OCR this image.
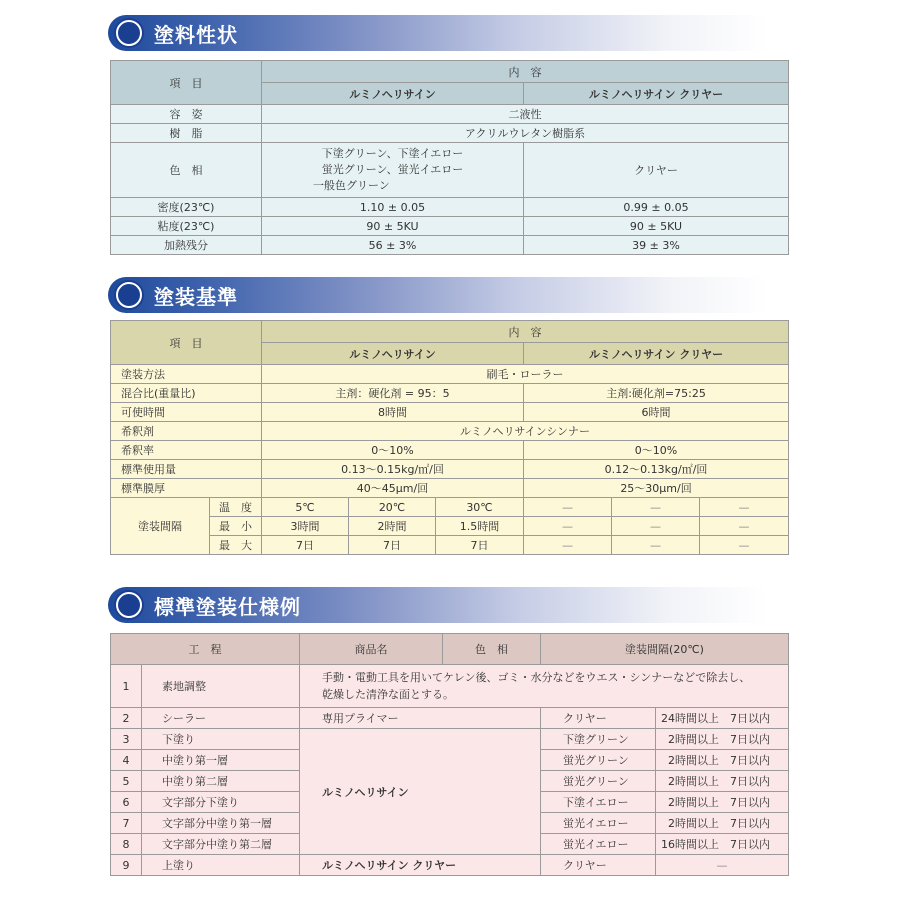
塗料性状
項　目	内　容	
	ルミノヘリサイン	ルミノヘリサイン クリヤー
容　姿	二液性	
樹　脂	アクリルウレタン樹脂系	
色　相	下塗グリーン、下塗イエロー
蛍光グリーン、蛍光イエロー
一般色グリーン	クリヤー
密度(23℃)	1.10 ± 0.05	0.99 ± 0.05
粘度(23℃)	90 ± 5KU	90 ± 5KU
加熱残分	56 ± 3%	39 ± 3%
塗装基準
項　目		内　容					
		ルミノヘリサイン			ルミノヘリサイン クリヤー		
塗装方法		刷毛・ローラー					
混合比(重量比)		主剤：硬化剤 = 95：5			主剤:硬化剤=75:25		
可使時間		8時間			6時間		
希釈剤		ルミノヘリサインシンナー					
希釈率		0〜10%			0〜10%		
標準使用量		0.13〜0.15kg/㎡/回			0.12〜0.13kg/㎡/回		
標準膜厚		40〜45μm/回			25〜30μm/回		
塗装間隔	温　度	5℃	20℃	30℃	—	—	—
	最　小	3時間	2時間	1.5時間	—	—	—
	最　大	7日	7日	7日	—	—	—
標準塗装仕様例
工　程		商品名	色　相	塗装間隔(20℃)	
1	素地調整	手動・電動工具を用いてケレン後、ゴミ・水分などをウエス・シンナーなどで除去し、
乾燥した清浄な面とする。			

2	シーラー	専用プライマー		クリヤー	24時間以上　7日以内
3	下塗り	ルミノヘリサイン		下塗グリーン	2時間以上　7日以内
4	中塗り第一層			蛍光グリーン	2時間以上　7日以内
5	中塗り第二層			蛍光グリーン	2時間以上　7日以内
6	文字部分下塗り			下塗イエロー	2時間以上　7日以内
7	文字部分中塗り第一層			蛍光イエロー	2時間以上　7日以内
8	文字部分中塗り第二層			蛍光イエロー	16時間以上　7日以内
9	上塗り	ルミノヘリサイン クリヤー		クリヤー	—
